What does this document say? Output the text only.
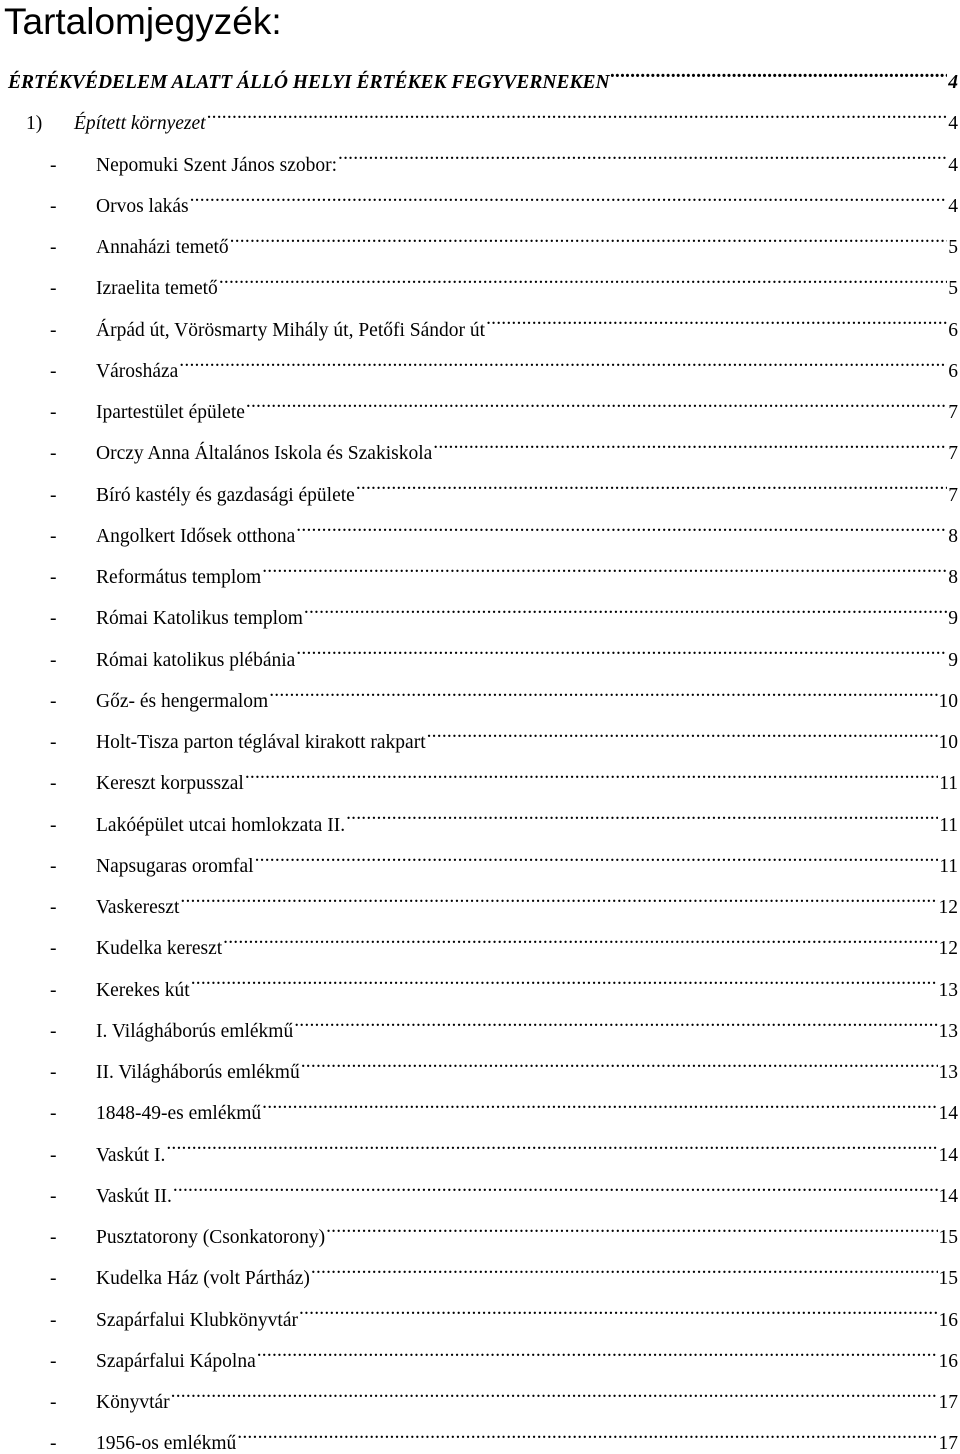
Tartalomjegyzék:
ÉRTÉKVÉDELEM ALATT ÁLLÓ HELYI ÉRTÉKEK FEGYVERNEKEN .....	4
1)	Épített környezet .....	4
-	Nepomuki Szent János szobor: .....	4
-	Orvos lakás .....	4
-	Annaházi temető .....	5
-	Izraelita temető .....	5
-	Árpád út, Vörösmarty Mihály út, Petőfi Sándor út .....	6
-	Városháza .....	6
-	Ipartestület épülete .....	7
-	Orczy Anna Általános Iskola és Szakiskola .....	7
-	Bíró kastély és gazdasági épülete .....	7
-	Angolkert Idősek otthona .....	8
-	Református templom .....	8
-	Római Katolikus templom .....	9
-	Római katolikus plébánia .....	9
-	Gőz- és hengermalom .....	10
-	Holt-Tisza parton téglával kirakott rakpart .....	10
-	Kereszt korpusszal .....	11
-	Lakóépület utcai homlokzata II. .....	11
-	Napsugaras oromfal .....	11
-	Vaskereszt .....	12
-	Kudelka kereszt .....	12
-	Kerekes kút .....	13
-	I. Világháborús emlékmű .....	13
-	II. Világháborús emlékmű .....	13
-	1848-49-es emlékmű .....	14
-	Vaskút I. .....	14
-	Vaskút II. .....	14
-	Pusztatorony (Csonkatorony) .....	15
-	Kudelka Ház (volt Pártház) .....	15
-	Szapárfalui Klubkönyvtár .....	16
-	Szapárfalui Kápolna .....	16
-	Könyvtár .....	17
-	1956-os emlékmű .....	17
